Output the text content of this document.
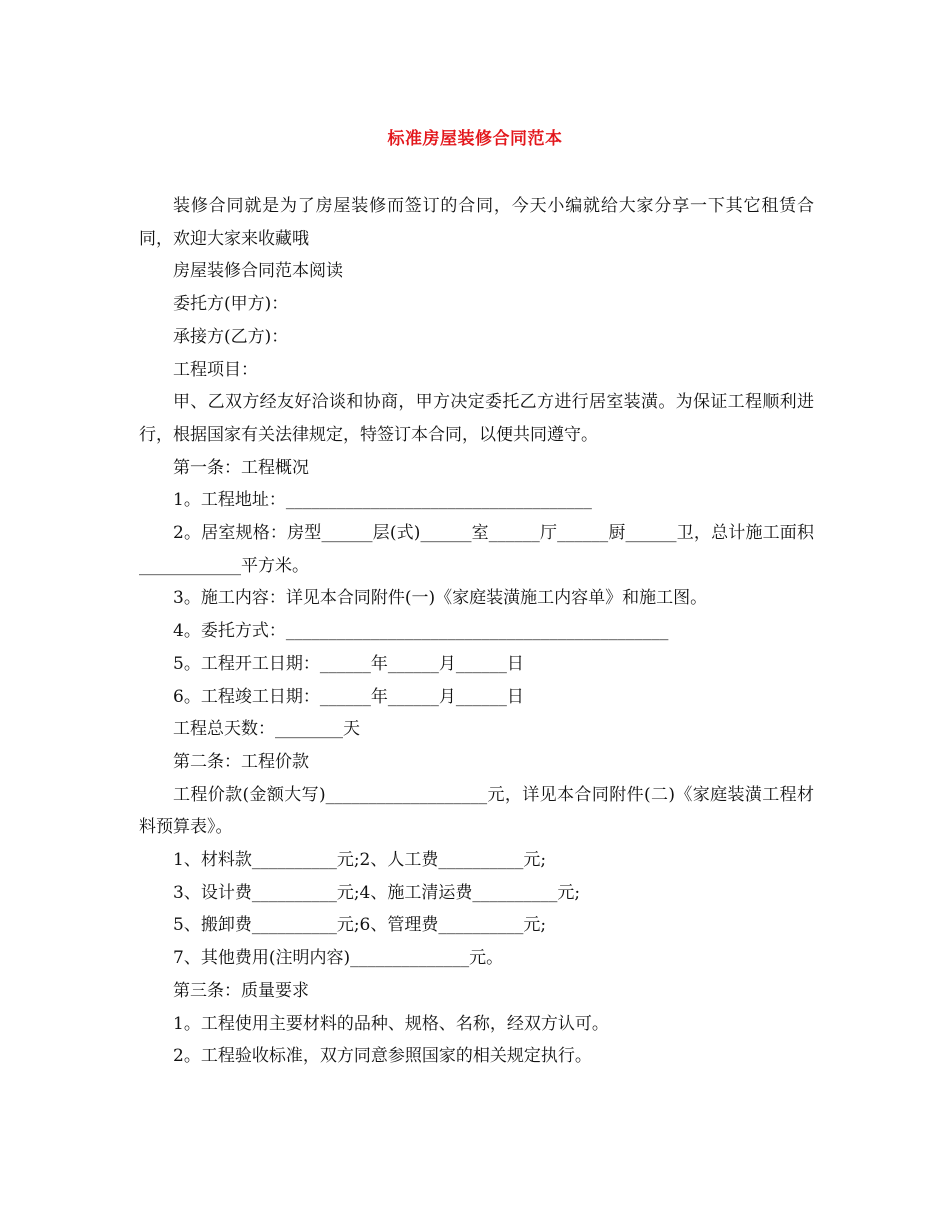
标准房屋装修合同范本

装修合同就是为了房屋装修而签订的合同，今天小编就给大家分享一下其它租赁合同，欢迎大家来收藏哦

房屋装修合同范本阅读

委托方(甲方)：

承接方(乙方)：

工程项目：

甲、乙双方经友好洽谈和协商，甲方决定委托乙方进行居室装潢。为保证工程顺利进行，根据国家有关法律规定，特签订本合同，以便共同遵守。

第一条：工程概况

1。工程地址：____________________________________

2。居室规格：房型______层(式)______室______厅______厨______卫，总计施工面积____________平方米。

3。施工内容：详见本合同附件(一)《家庭装潢施工内容单》和施工图。

4。委托方式：_____________________________________________

5。工程开工日期：______年______月______日

6。工程竣工日期：______年______月______日

工程总天数：________天

第二条：工程价款

工程价款(金额大写)___________________元，详见本合同附件(二)《家庭装潢工程材料预算表》。

1、材料款__________元;2、人工费__________元;

3、设计费__________元;4、施工清运费__________元;

5、搬卸费__________元;6、管理费__________元;

7、其他费用(注明内容)______________元。

第三条：质量要求

1。工程使用主要材料的品种、规格、名称，经双方认可。

2。工程验收标准，双方同意参照国家的相关规定执行。
